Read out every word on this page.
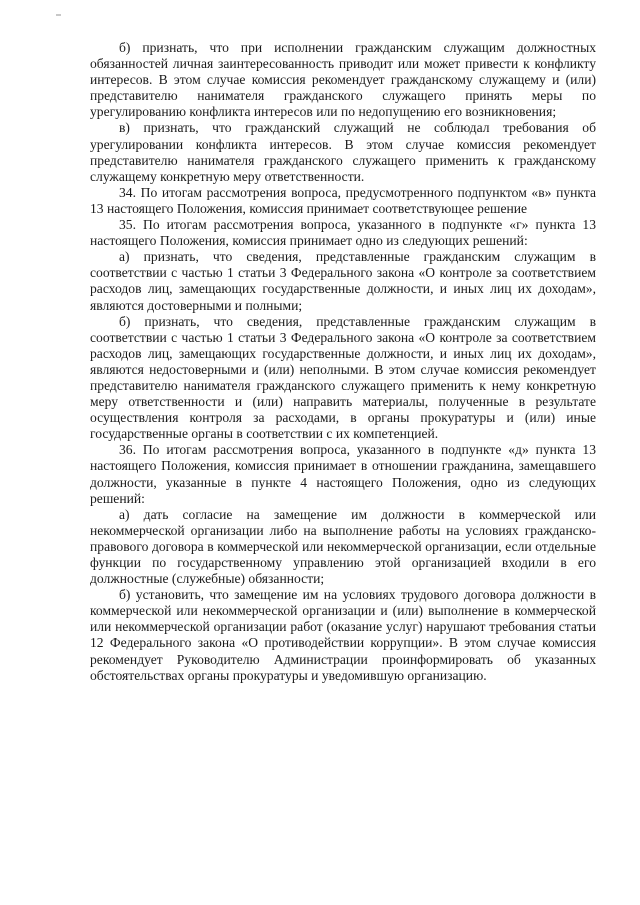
б) признать, что при исполнении гражданским служащим должностных обязанностей личная заинтересованность приводит или может привести к конфликту интересов. В этом случае комиссия рекомендует гражданскому служащему и (или) представителю нанимателя гражданского служащего принять меры по урегулированию конфликта интересов или по недопущению его возникновения;

в) признать, что гражданский служащий не соблюдал требования об урегулировании конфликта интересов. В этом случае комиссия рекомендует представителю нанимателя гражданского служащего применить к гражданскому служащему конкретную меру ответственности.

34. По итогам рассмотрения вопроса, предусмотренного подпунктом «в» пункта 13 настоящего Положения, комиссия принимает соответствующее решение

35. По итогам рассмотрения вопроса, указанного в подпункте «г» пункта 13 настоящего Положения, комиссия принимает одно из следующих решений:

а) признать, что сведения, представленные гражданским служащим в соответствии с частью 1 статьи 3 Федерального закона «О контроле за соответствием расходов лиц, замещающих государственные должности, и иных лиц их доходам», являются достоверными и полными;

б) признать, что сведения, представленные гражданским служащим в соответствии с частью 1 статьи 3 Федерального закона «О контроле за соответствием расходов лиц, замещающих государственные должности, и иных лиц их доходам», являются недостоверными и (или) неполными. В этом случае комиссия рекомендует представителю нанимателя гражданского служащего применить к нему конкретную меру ответственности и (или) направить материалы, полученные в результате осуществления контроля за расходами, в органы прокуратуры и (или) иные государственные органы в соответствии с их компетенцией.

36. По итогам рассмотрения вопроса, указанного в подпункте «д» пункта 13 настоящего Положения, комиссия принимает в отношении гражданина, замещавшего должности, указанные в пункте 4 настоящего Положения, одно из следующих решений:

а) дать согласие на замещение им должности в коммерческой или некоммерческой организации либо на выполнение работы на условиях гражданско-правового договора в коммерческой или некоммерческой организации, если отдельные функции по государственному управлению этой организацией входили в его должностные (служебные) обязанности;

б) установить, что замещение им на условиях трудового договора должности в коммерческой или некоммерческой организации и (или) выполнение в коммерческой или некоммерческой организации работ (оказание услуг) нарушают требования статьи 12 Федерального закона «О противодействии коррупции». В этом случае комиссия рекомендует Руководителю Администрации проинформировать об указанных обстоятельствах органы прокуратуры и уведомившую организацию.
